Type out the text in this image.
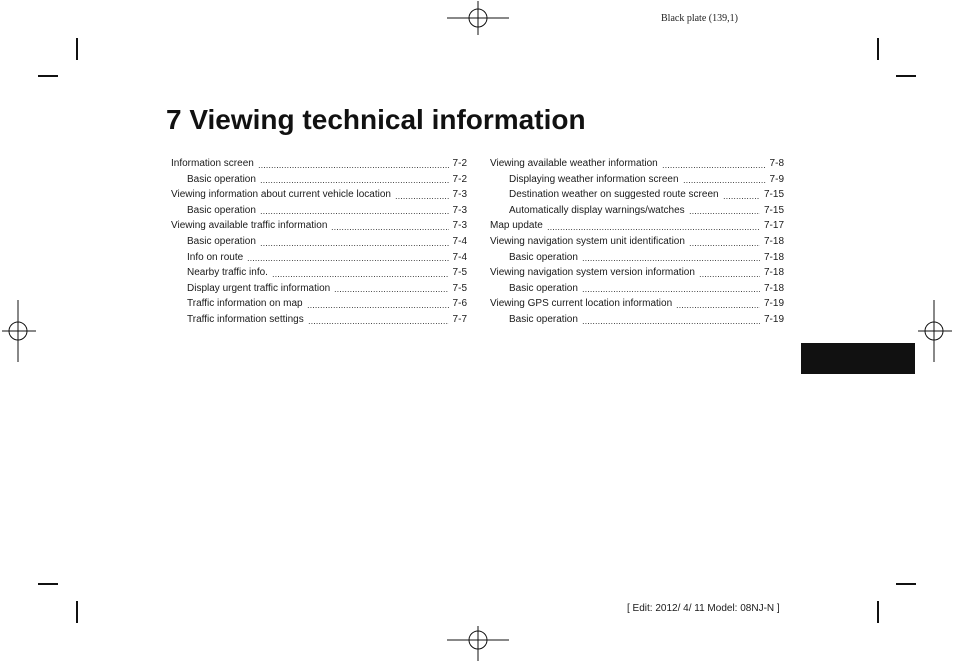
Black plate (139,1)
7 Viewing technical information
Information screen	7-2
Basic operation	7-2
Viewing information about current vehicle location	7-3
Basic operation	7-3
Viewing available traffic information	7-3
Basic operation	7-4
Info on route	7-4
Nearby traffic info.	7-5
Display urgent traffic information	7-5
Traffic information on map	7-6
Traffic information settings	7-7
Viewing available weather information	7-8
Displaying weather information screen	7-9
Destination weather on suggested route screen	7-15
Automatically display warnings/watches	7-15
Map update	7-17
Viewing navigation system unit identification	7-18
Basic operation	7-18
Viewing navigation system version information	7-18
Basic operation	7-18
Viewing GPS current location information	7-19
Basic operation	7-19
[ Edit: 2012/ 4/ 11 Model: 08NJ-N ]
